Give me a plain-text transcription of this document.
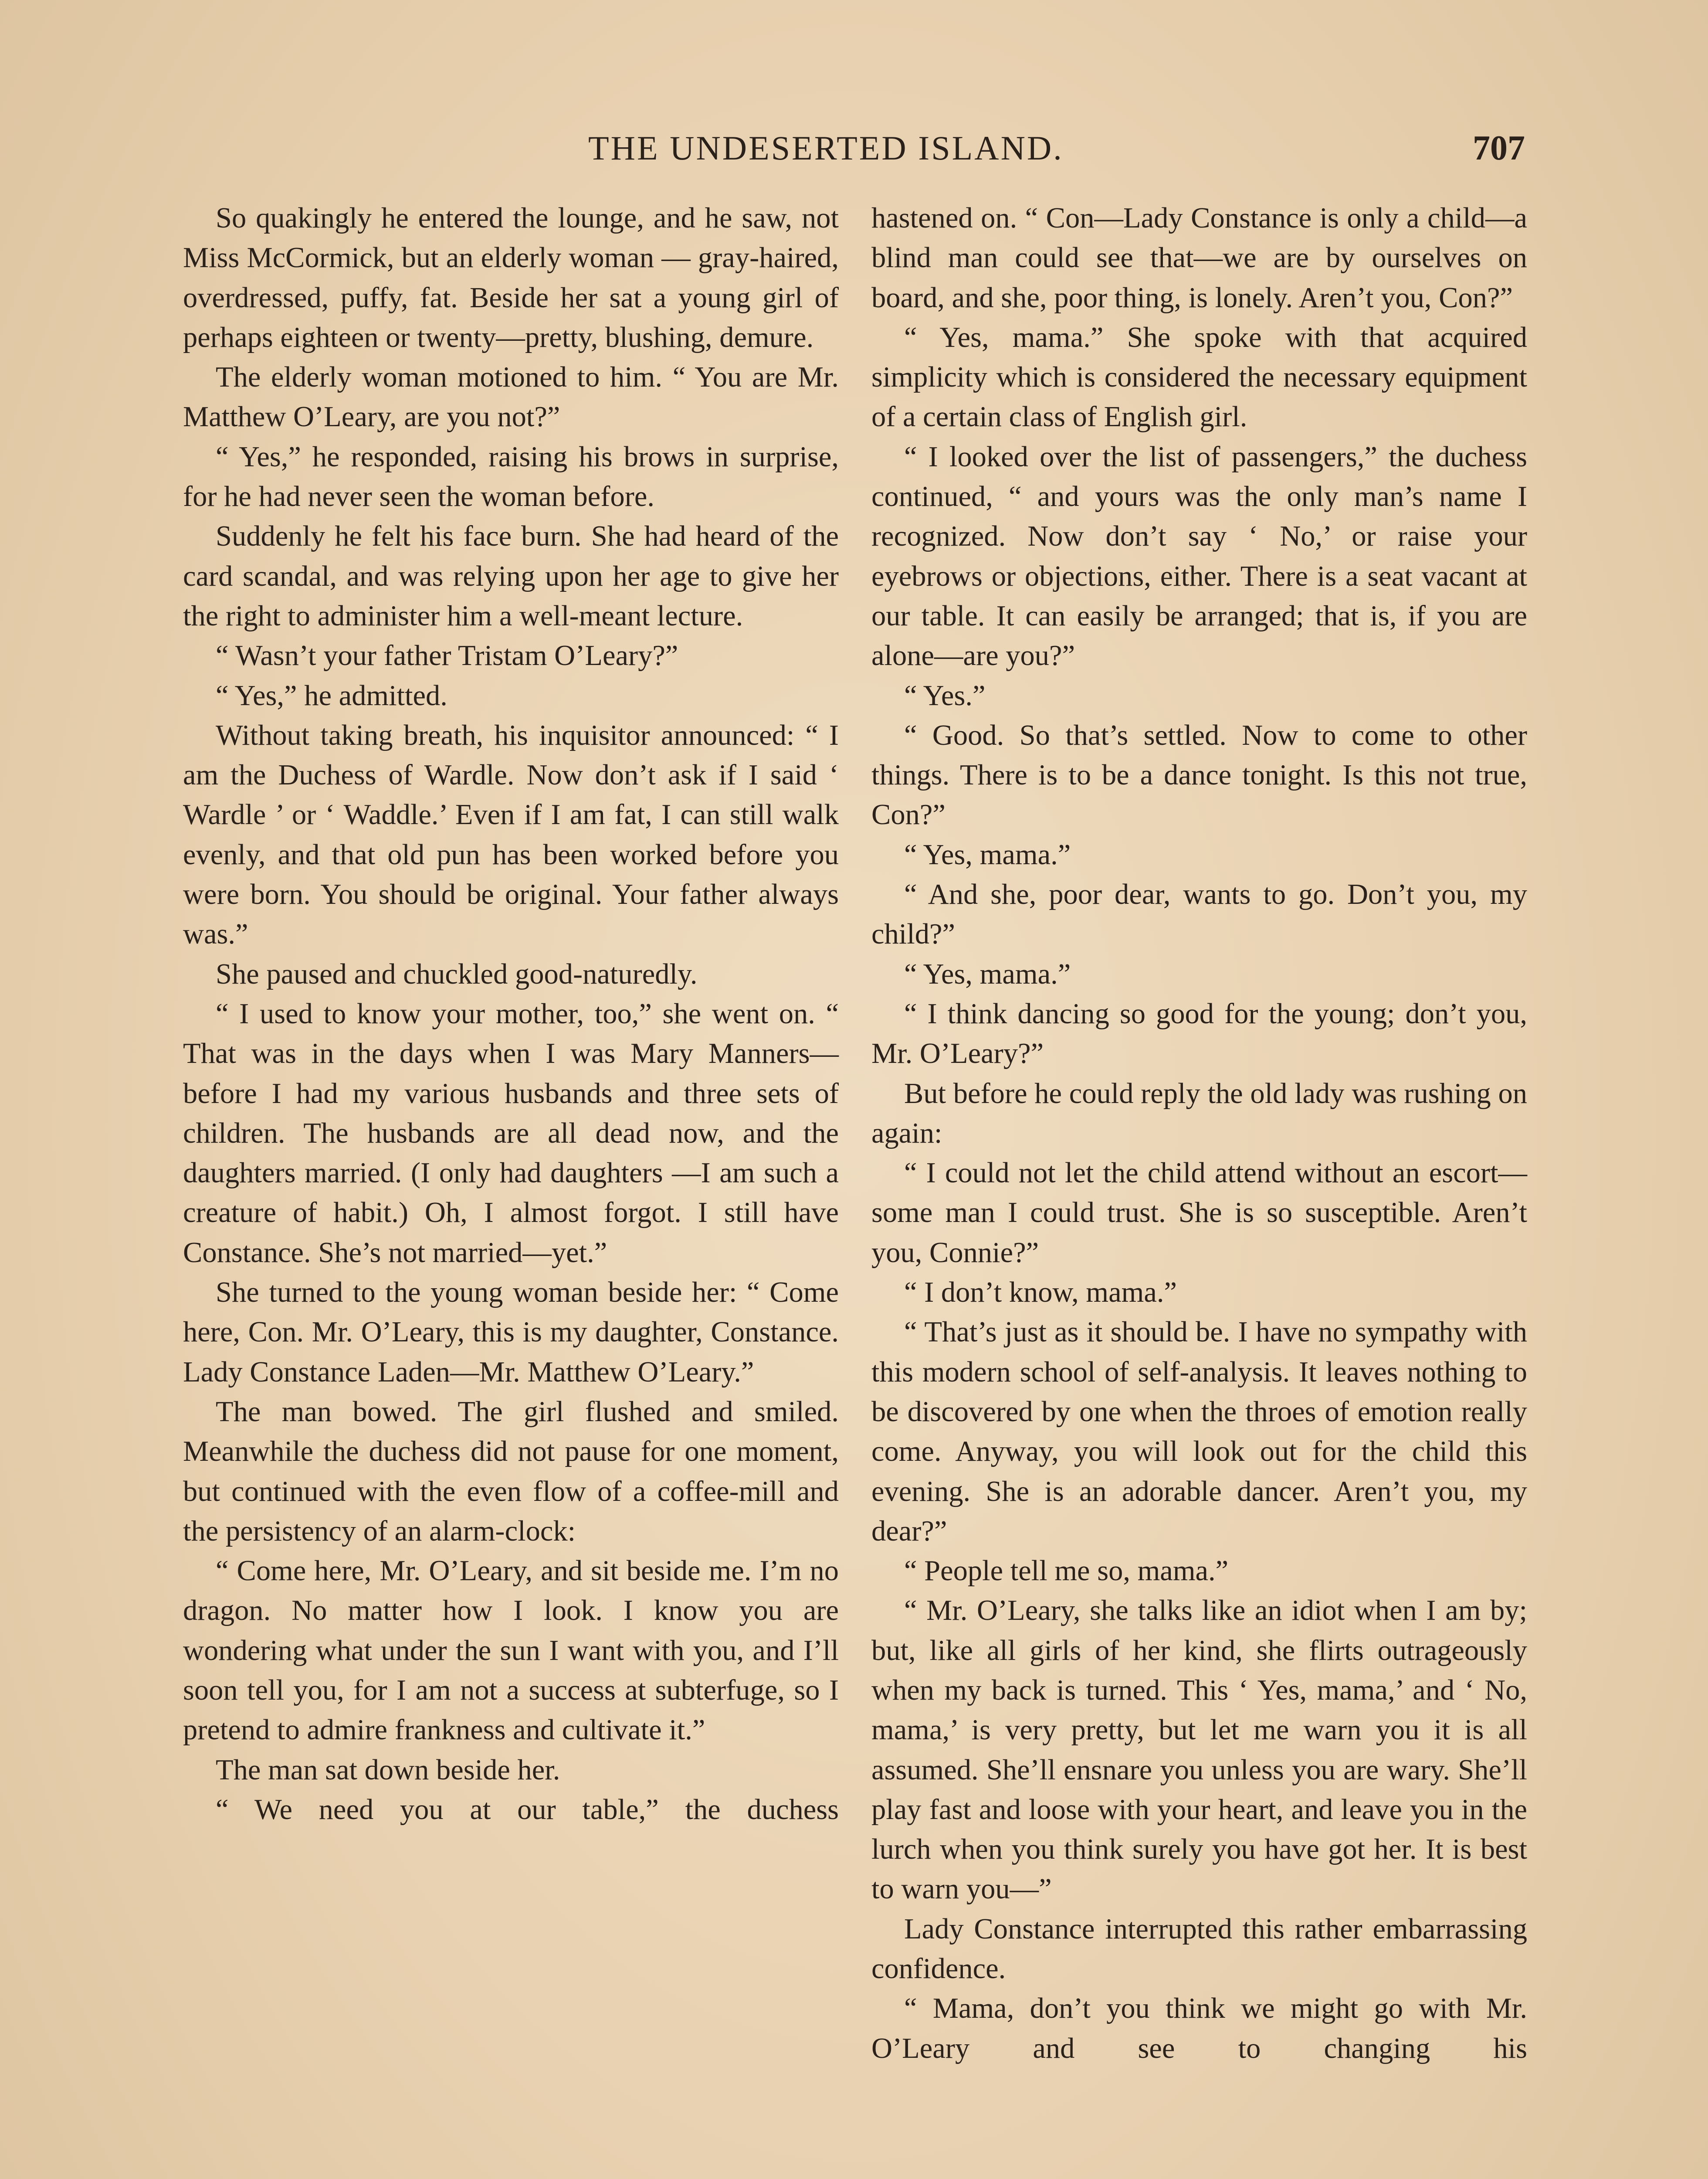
THE UNDESERTED ISLAND.	707

So quakingly he entered the lounge, and he saw, not Miss McCormick, but an elderly woman — gray-haired, overdressed, puffy, fat. Beside her sat a young girl of perhaps eighteen or twenty—pretty, blushing, demure.

The elderly woman motioned to him. “ You are Mr. Matthew O’Leary, are you not?”

“ Yes,” he responded, raising his brows in surprise, for he had never seen the woman before.

Suddenly he felt his face burn. She had heard of the card scandal, and was relying upon her age to give her the right to administer him a well-meant lecture.

“ Wasn’t your father Tristam O’Leary?”

“ Yes,” he admitted.

Without taking breath, his inquisitor announced: “ I am the Duchess of Wardle. Now don’t ask if I said ‘ Wardle ’ or ‘ Waddle.’ Even if I am fat, I can still walk evenly, and that old pun has been worked before you were born. You should be original. Your father always was.”

She paused and chuckled good-naturedly.

“ I used to know your mother, too,” she went on. “ That was in the days when I was Mary Manners—before I had my various husbands and three sets of children. The husbands are all dead now, and the daughters married. (I only had daughters —I am such a creature of habit.) Oh, I almost forgot. I still have Constance. She’s not married—yet.”

She turned to the young woman beside her: “ Come here, Con. Mr. O’Leary, this is my daughter, Constance. Lady Constance Laden—Mr. Matthew O’Leary.”

The man bowed. The girl flushed and smiled. Meanwhile the duchess did not pause for one moment, but continued with the even flow of a coffee-mill and the persistency of an alarm-clock:

“ Come here, Mr. O’Leary, and sit beside me. I’m no dragon. No matter how I look. I know you are wondering what under the sun I want with you, and I’ll soon tell you, for I am not a success at subterfuge, so I pretend to admire frankness and cultivate it.”

The man sat down beside her.

“ We need you at our table,” the duchess

hastened on. “ Con—Lady Constance is only a child—a blind man could see that—we are by ourselves on board, and she, poor thing, is lonely. Aren’t you, Con?”

“ Yes, mama.” She spoke with that acquired simplicity which is considered the necessary equipment of a certain class of English girl.

“ I looked over the list of passengers,” the duchess continued, “ and yours was the only man’s name I recognized. Now don’t say ‘ No,’ or raise your eyebrows or objections, either. There is a seat vacant at our table. It can easily be arranged; that is, if you are alone—are you?”

“ Yes.”

“ Good. So that’s settled. Now to come to other things. There is to be a dance tonight. Is this not true, Con?”

“ Yes, mama.”

“ And she, poor dear, wants to go. Don’t you, my child?”

“ Yes, mama.”

“ I think dancing so good for the young; don’t you, Mr. O’Leary?”

But before he could reply the old lady was rushing on again:

“ I could not let the child attend without an escort—some man I could trust. She is so susceptible. Aren’t you, Connie?”

“ I don’t know, mama.”

“ That’s just as it should be. I have no sympathy with this modern school of self-analysis. It leaves nothing to be discovered by one when the throes of emotion really come. Anyway, you will look out for the child this evening. She is an adorable dancer. Aren’t you, my dear?”

“ People tell me so, mama.”

“ Mr. O’Leary, she talks like an idiot when I am by; but, like all girls of her kind, she flirts outrageously when my back is turned. This ‘ Yes, mama,’ and ‘ No, mama,’ is very pretty, but let me warn you it is all assumed. She’ll ensnare you unless you are wary. She’ll play fast and loose with your heart, and leave you in the lurch when you think surely you have got her. It is best to warn you—”

Lady Constance interrupted this rather embarrassing confidence.

“ Mama, don’t you think we might go with Mr. O’Leary and see to changing his
